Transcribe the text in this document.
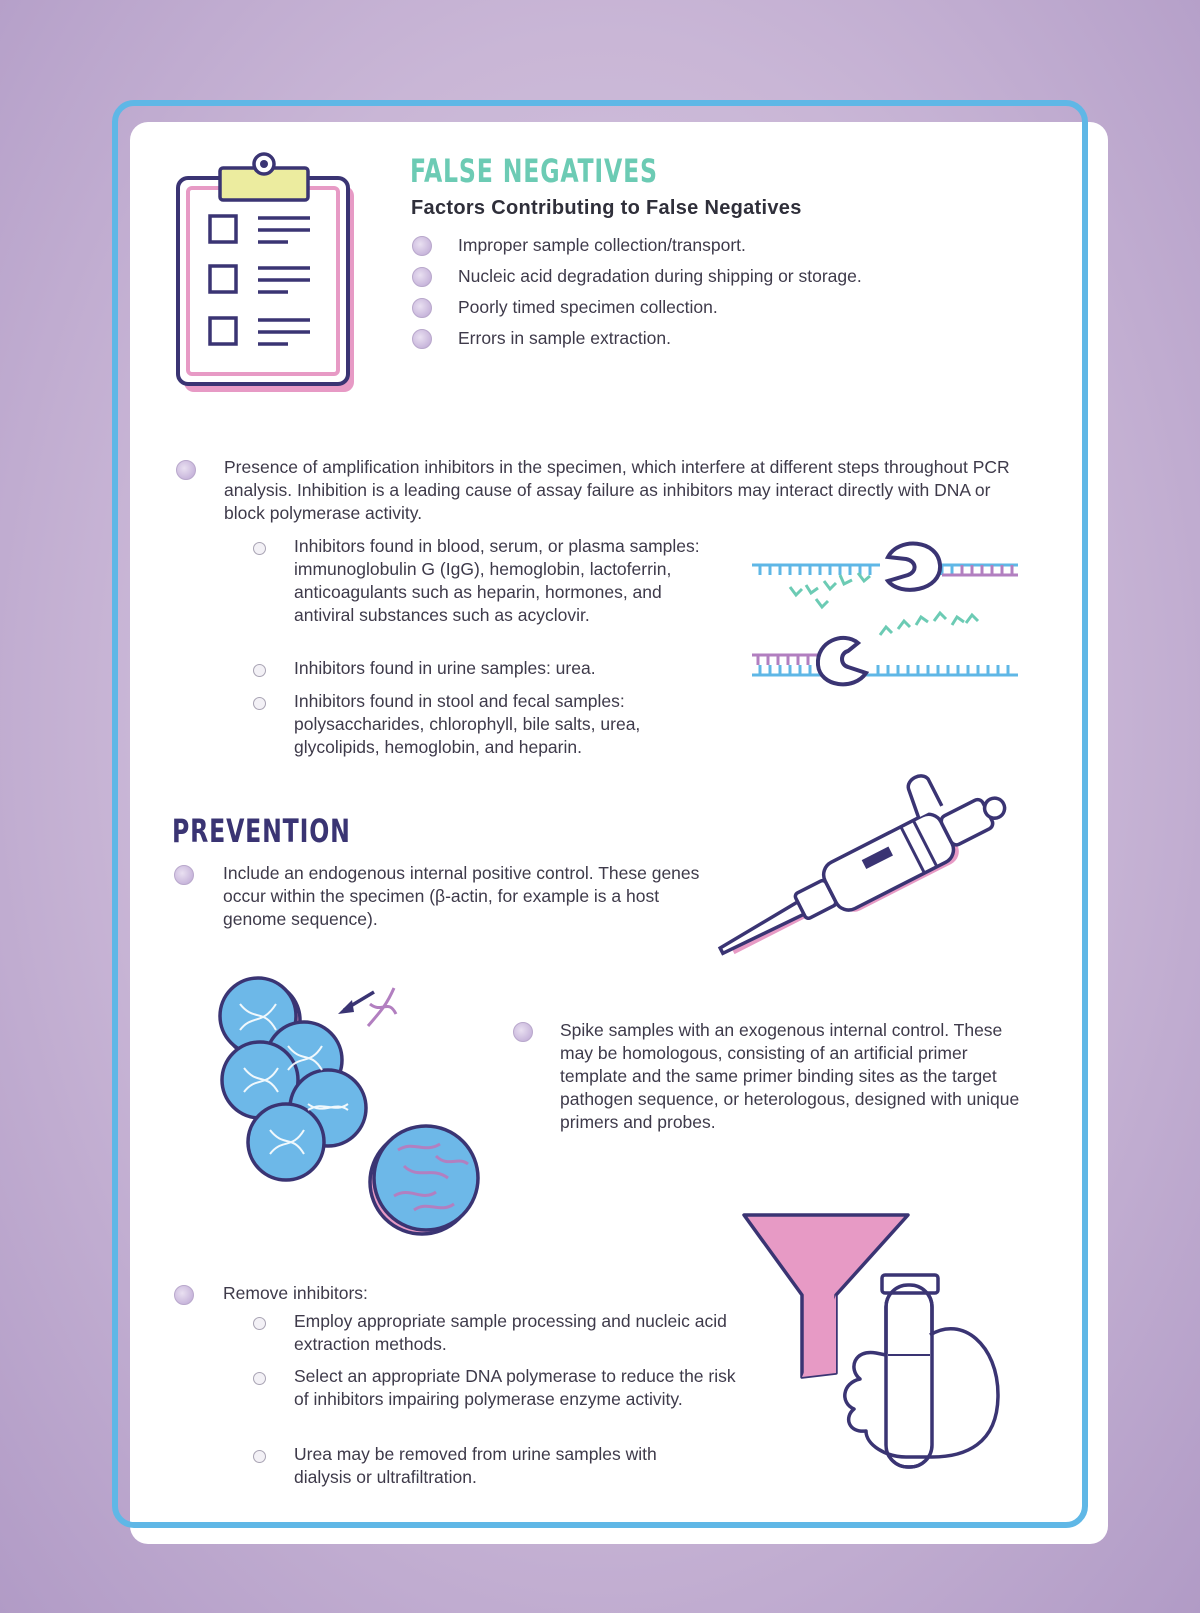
FALSE NEGATIVES
Factors Contributing to False Negatives
Improper sample collection/transport.
Nucleic acid degradation during shipping or storage.
Poorly timed specimen collection.
Errors in sample extraction.
Presence of amplification inhibitors in the specimen, which interfere at different steps throughout PCR analysis. Inhibition is a leading cause of assay failure as inhibitors may interact directly with DNA or block polymerase activity.
Inhibitors found in blood, serum, or plasma samples: immunoglobulin G (IgG), hemoglobin, lactoferrin, anticoagulants such as heparin, hormones, and antiviral substances such as acyclovir.
Inhibitors found in urine samples: urea.
Inhibitors found in stool and fecal samples: polysaccharides, chlorophyll, bile salts, urea, glycolipids, hemoglobin, and heparin.
PREVENTION
Include an endogenous internal positive control. These genes occur within the specimen (β-actin, for example is a host genome sequence).
Spike samples with an exogenous internal control. These may be homologous, consisting of an artificial primer template and the same primer binding sites as the target pathogen sequence, or heterologous, designed with unique primers and probes.
Remove inhibitors:
Employ appropriate sample processing and nucleic acid extraction methods.
Select an appropriate DNA polymerase to reduce the risk of inhibitors impairing polymerase enzyme activity.
Urea may be removed from urine samples with dialysis or ultrafiltration.
